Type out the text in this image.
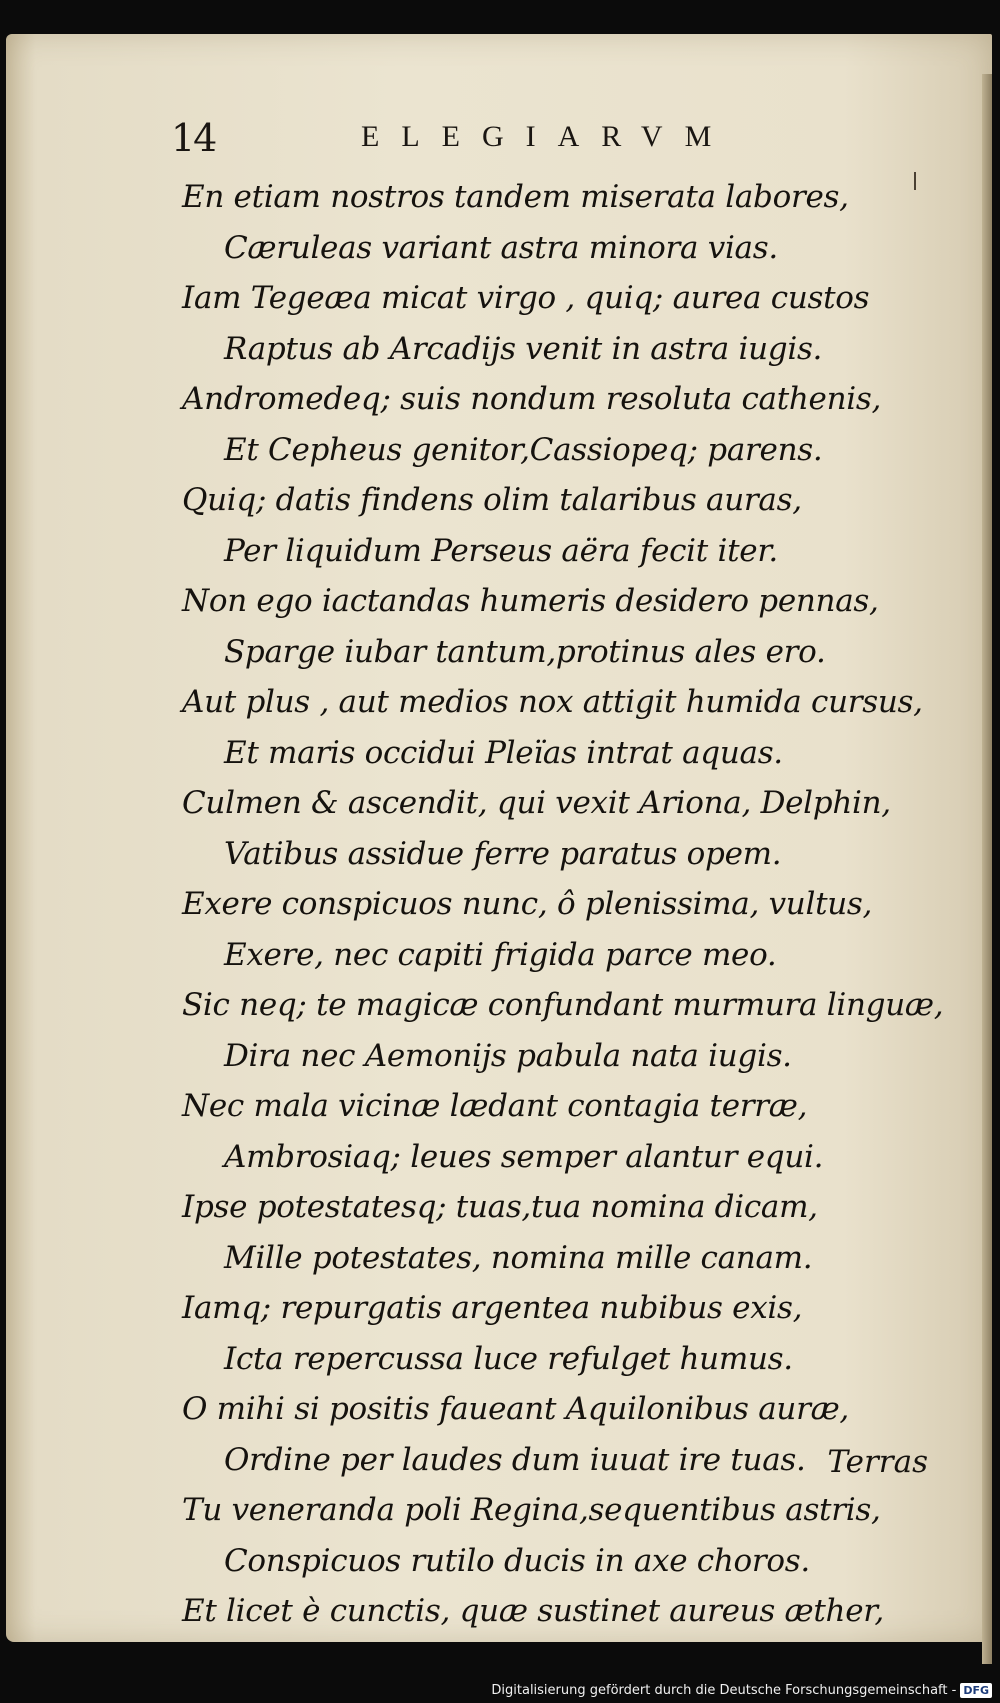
14	ELEGIARVM
En etiam nostros tandem miserata labores,
Cæruleas variant astra minora vias.
Iam Tegeæa micat virgo , quiq; aurea custos
Raptus ab Arcadijs venit in astra iugis.
Andromedeq; suis nondum resoluta cathenis,
Et Cepheus genitor,Cassiopeq; parens.
Quiq; datis findens olim talaribus auras,
Per liquidum Perseus aëra fecit iter.
Non ego iactandas humeris desidero pennas,
Sparge iubar tantum,protinus ales ero.
Aut plus , aut medios nox attigit humida cursus,
Et maris occidui Pleïas intrat aquas.
Culmen & ascendit, qui vexit Ariona, Delphin,
Vatibus assidue ferre paratus opem.
Exere conspicuos nunc, ô plenissima, vultus,
Exere, nec capiti frigida parce meo.
Sic neq; te magicæ confundant murmura linguæ,
Dira nec Aemonijs pabula nata iugis.
Nec mala vicinæ lædant contagia terræ,
Ambrosiaq; leues semper alantur equi.
Ipse potestatesq; tuas,tua nomina dicam,
Mille potestates, nomina mille canam.
Iamq; repurgatis argentea nubibus exis,
Icta repercussa luce refulget humus.
O mihi si positis faueant Aquilonibus auræ,
Ordine per laudes dum iuuat ire tuas.
Tu veneranda poli Regina,sequentibus astris,
Conspicuos rutilo ducis in axe choros.
Et licet è cunctis, quæ sustinet aureus æther,
Terras
Digitalisierung gefördert durch die Deutsche Forschungsgemeinschaft - DFG
